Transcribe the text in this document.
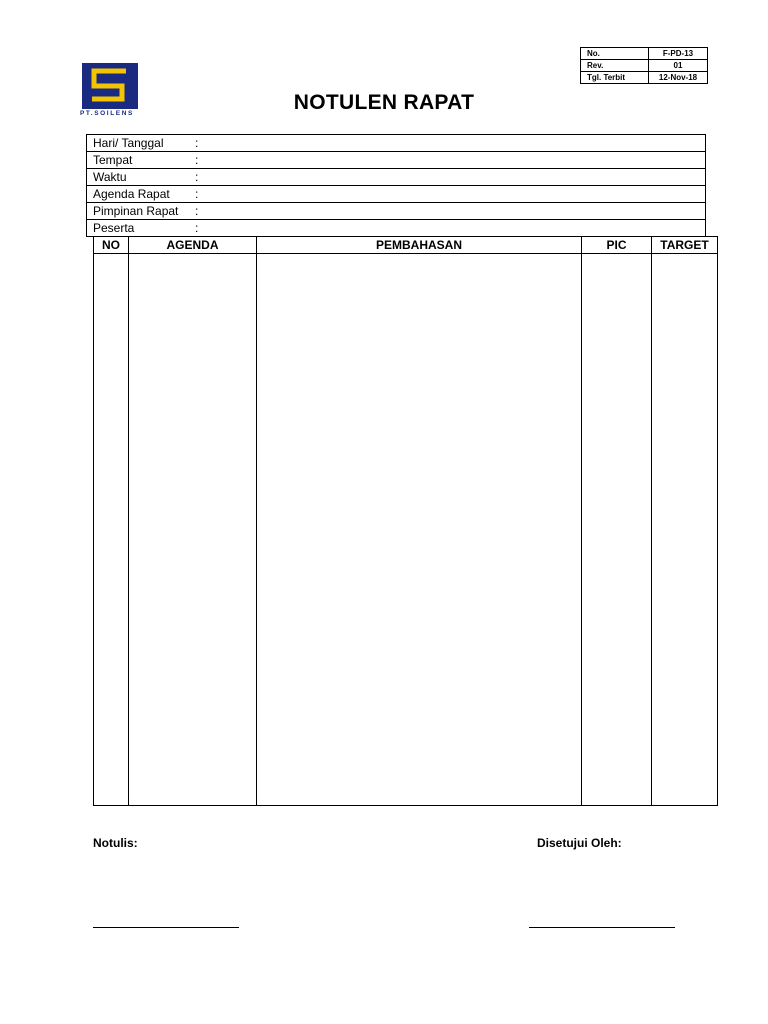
PT.SOILENS
No.	F-PD-13
Rev.	01
Tgl. Terbit	12-Nov-18
NOTULEN RAPAT
Hari/ Tanggal	:
Tempat	:
Waktu	:
Agenda Rapat :
Pimpinan Rapat :
Peserta	:
NO	AGENDA	PEMBAHASAN	PIC	TARGET

Notulis:	Disetujui Oleh:
